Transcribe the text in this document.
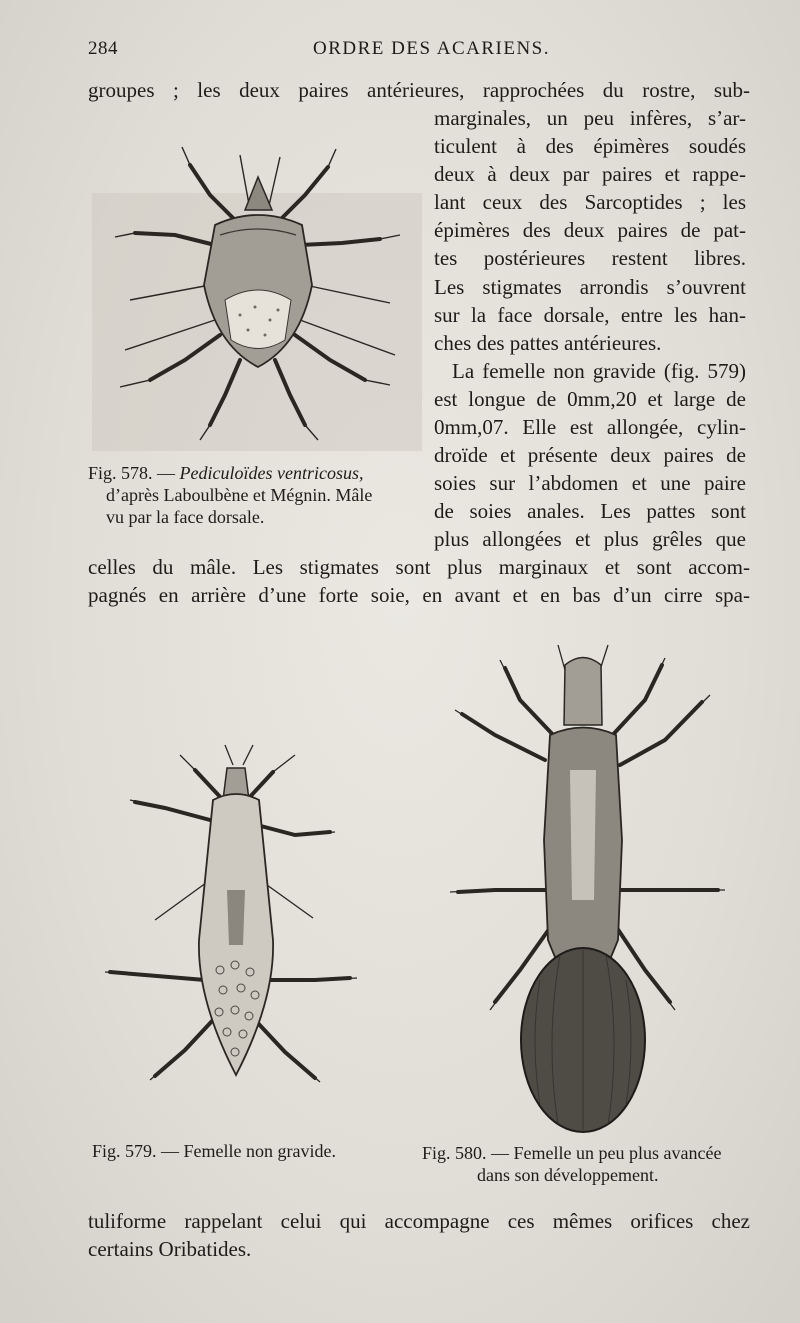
284	ORDRE DES ACARIENS.
groupes ; les deux paires antérieures, rapprochées du rostre, sub-
marginales, un peu infères, s’ar-
ticulent à des épimères soudés
deux à deux par paires et rappe-
lant ceux des Sarcoptides ; les
épimères des deux paires de pat-
tes postérieures restent libres.
Les stigmates arrondis s’ouvrent
sur la face dorsale, entre les han-
ches des pattes antérieures.
La femelle non gravide (fig. 579)
est longue de 0mm,20 et large de
0mm,07. Elle est allongée, cylin-
droïde et présente deux paires de
soies sur l’abdomen et une paire
de soies anales. Les pattes sont
plus allongées et plus grêles que
celles du mâle. Les stigmates sont plus marginaux et sont accom-
pagnés en arrière d’une forte soie, en avant et en bas d’un cirre spa-
tuliforme rappelant celui qui accompagne ces mêmes orifices chez
certains Oribatides.
Fig. 578. — Pediculoïdes ventricosus,
d’après Laboulbène et Mégnin. Mâle
vu par la face dorsale.
Fig. 579. — Femelle non gravide.	Fig. 580. — Femelle un peu plus avancée
dans son développement.
